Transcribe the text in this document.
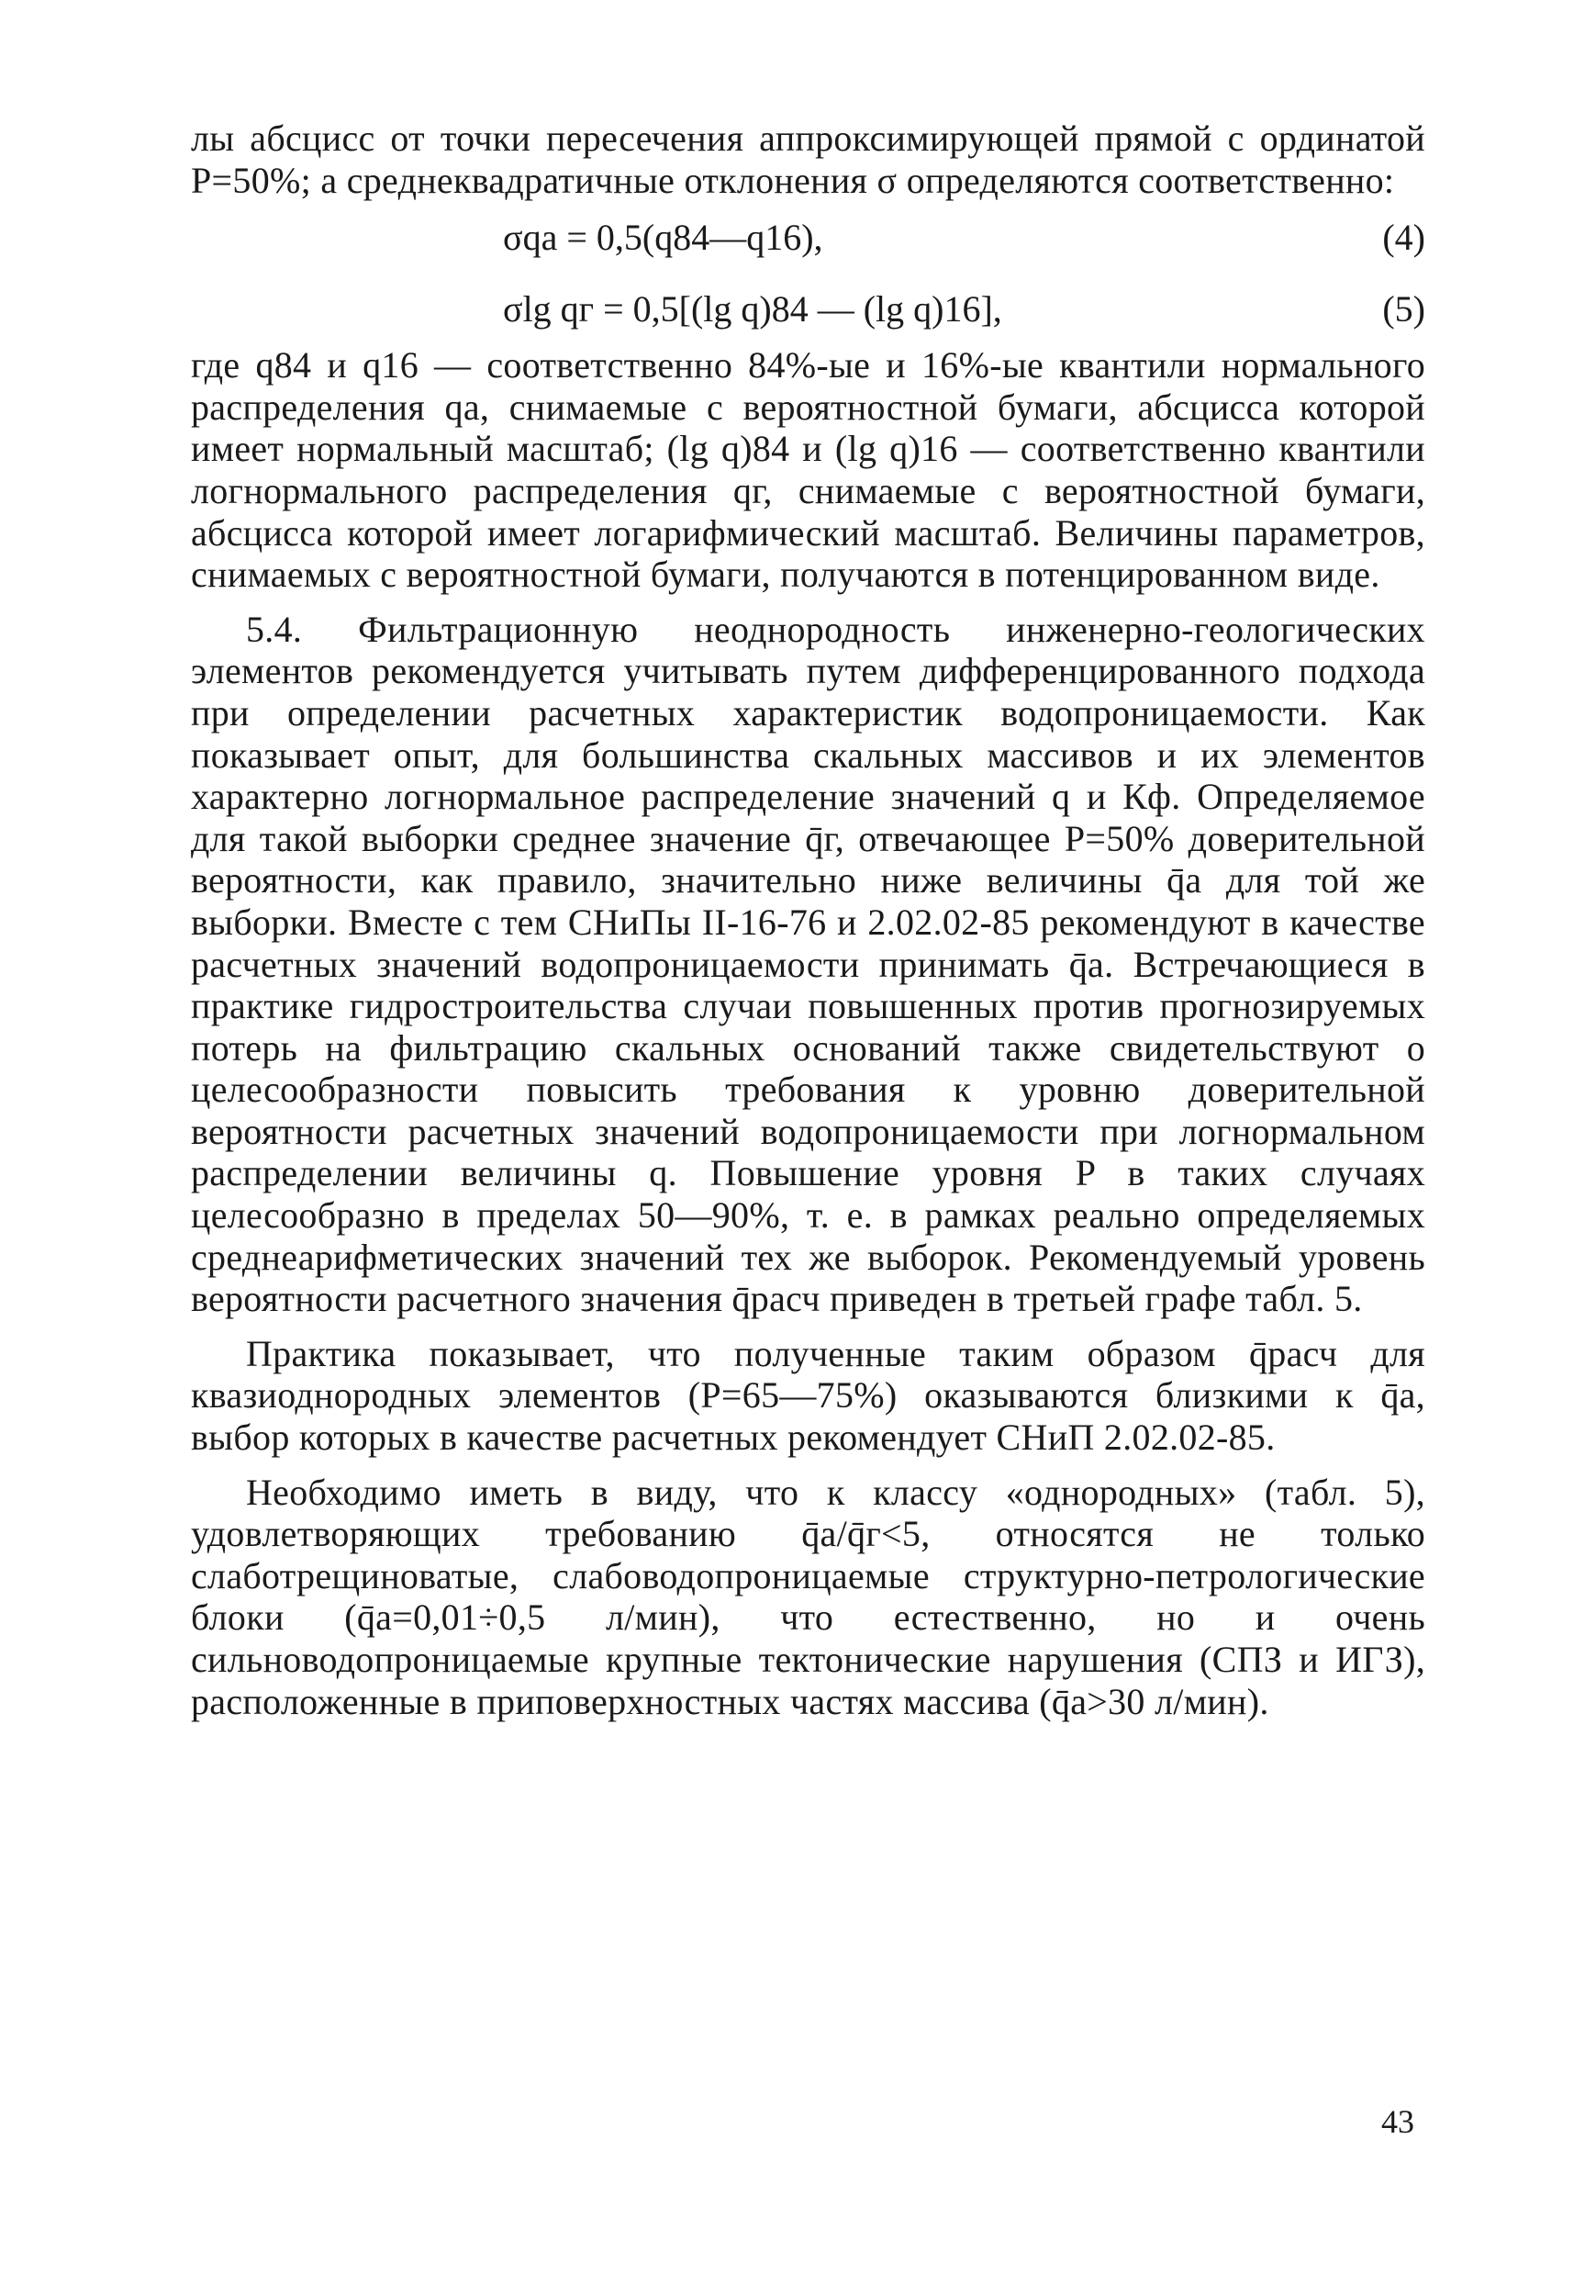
лы абсцисс от точки пересечения аппроксимирующей прямой с ординатой P=50%; а среднеквадратичные отклонения σ определяются соответственно:

σqа = 0,5(q84—q16),	(4)
σlg qг = 0,5[(lg q)84 — (lg q)16],	(5)

где q84 и q16 — соответственно 84%-ые и 16%-ые квантили нормального распределения qа, снимаемые с вероятностной бумаги, абсцисса которой имеет нормальный масштаб; (lg q)84 и (lg q)16 — соответственно квантили логнормального распределения qг, снимаемые с вероятностной бумаги, абсцисса которой имеет логарифмический масштаб. Величины параметров, снимаемых с вероятностной бумаги, получаются в потенцированном виде.

5.4. Фильтрационную неоднородность инженерно-геологических элементов рекомендуется учитывать путем дифференцированного подхода при определении расчетных характеристик водопроницаемости. Как показывает опыт, для большинства скальных массивов и их элементов характерно логнормальное распределение значений q и Кф. Определяемое для такой выборки среднее значение q̄г, отвечающее P=50% доверительной вероятности, как правило, значительно ниже величины q̄а для той же выборки. Вместе с тем СНиПы II-16-76 и 2.02.02-85 рекомендуют в качестве расчетных значений водопроницаемости принимать q̄а. Встречающиеся в практике гидростроительства случаи повышенных против прогнозируемых потерь на фильтрацию скальных оснований также свидетельствуют о целесообразности повысить требования к уровню доверительной вероятности расчетных значений водопроницаемости при логнормальном распределении величины q. Повышение уровня P в таких случаях целесообразно в пределах 50—90%, т. е. в рамках реально определяемых среднеарифметических значений тех же выборок. Рекомендуемый уровень вероятности расчетного значения q̄расч приведен в третьей графе табл. 5.

Практика показывает, что полученные таким образом q̄расч для квазиоднородных элементов (P=65—75%) оказываются близкими к q̄а, выбор которых в качестве расчетных рекомендует СНиП 2.02.02-85.

Необходимо иметь в виду, что к классу «однородных» (табл. 5), удовлетворяющих требованию q̄а/q̄г<5, относятся не только слаботрещиноватые, слабоводопроницаемые структурно-петрологические блоки (q̄а=0,01÷0,5 л/мин), что естественно, но и очень сильноводопроницаемые крупные тектонические нарушения (СПЗ и ИГЗ), расположенные в приповерхностных частях массива (q̄а>30 л/мин).

43
